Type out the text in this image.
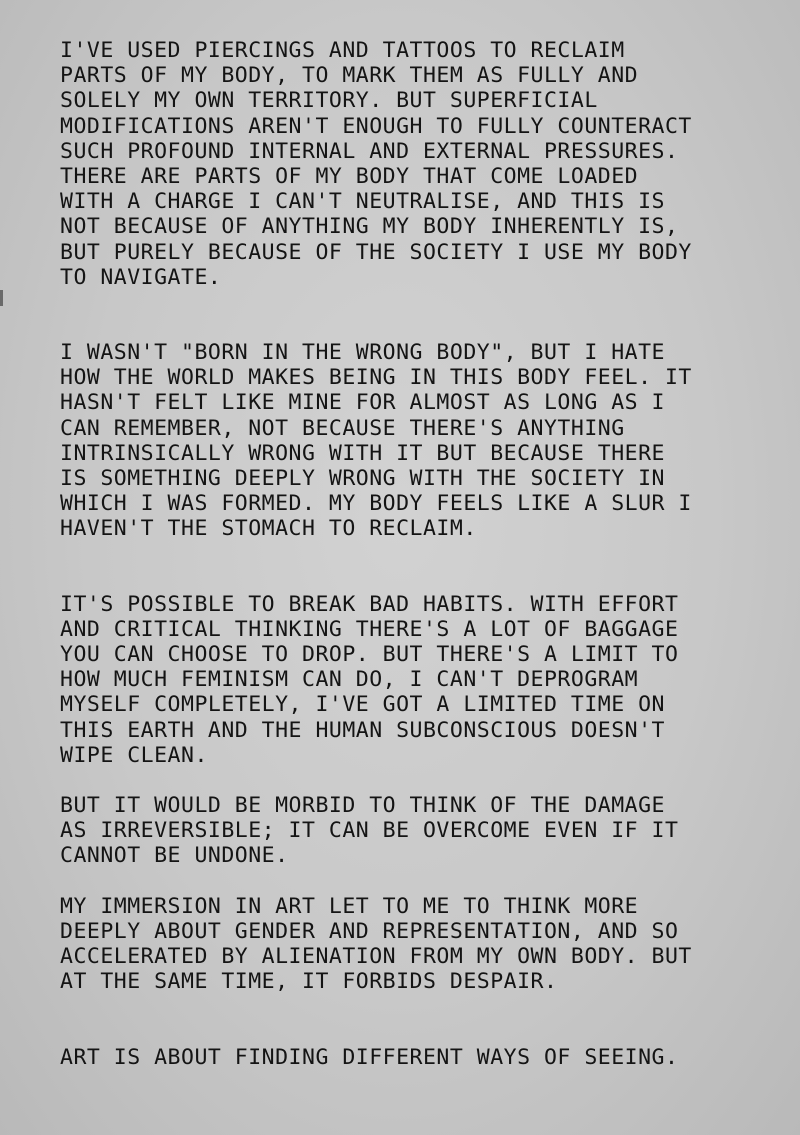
I'VE USED PIERCINGS AND TATTOOS TO RECLAIM
PARTS OF MY BODY, TO MARK THEM AS FULLY AND
SOLELY MY OWN TERRITORY. BUT SUPERFICIAL
MODIFICATIONS AREN'T ENOUGH TO FULLY COUNTERACT
SUCH PROFOUND INTERNAL AND EXTERNAL PRESSURES.
THERE ARE PARTS OF MY BODY THAT COME LOADED
WITH A CHARGE I CAN'T NEUTRALISE, AND THIS IS
NOT BECAUSE OF ANYTHING MY BODY INHERENTLY IS,
BUT PURELY BECAUSE OF THE SOCIETY I USE MY BODY
TO NAVIGATE.
I WASN'T "BORN IN THE WRONG BODY", BUT I HATE
HOW THE WORLD MAKES BEING IN THIS BODY FEEL. IT
HASN'T FELT LIKE MINE FOR ALMOST AS LONG AS I
CAN REMEMBER, NOT BECAUSE THERE'S ANYTHING
INTRINSICALLY WRONG WITH IT BUT BECAUSE THERE
IS SOMETHING DEEPLY WRONG WITH THE SOCIETY IN
WHICH I WAS FORMED. MY BODY FEELS LIKE A SLUR I
HAVEN'T THE STOMACH TO RECLAIM.
IT'S POSSIBLE TO BREAK BAD HABITS. WITH EFFORT
AND CRITICAL THINKING THERE'S A LOT OF BAGGAGE
YOU CAN CHOOSE TO DROP. BUT THERE'S A LIMIT TO
HOW MUCH FEMINISM CAN DO, I CAN'T DEPROGRAM
MYSELF COMPLETELY, I'VE GOT A LIMITED TIME ON
THIS EARTH AND THE HUMAN SUBCONSCIOUS DOESN'T
WIPE CLEAN.
BUT IT WOULD BE MORBID TO THINK OF THE DAMAGE
AS IRREVERSIBLE; IT CAN BE OVERCOME EVEN IF IT
CANNOT BE UNDONE.
MY IMMERSION IN ART LET TO ME TO THINK MORE
DEEPLY ABOUT GENDER AND REPRESENTATION, AND SO
ACCELERATED BY ALIENATION FROM MY OWN BODY. BUT
AT THE SAME TIME, IT FORBIDS DESPAIR.
ART IS ABOUT FINDING DIFFERENT WAYS OF SEEING.
